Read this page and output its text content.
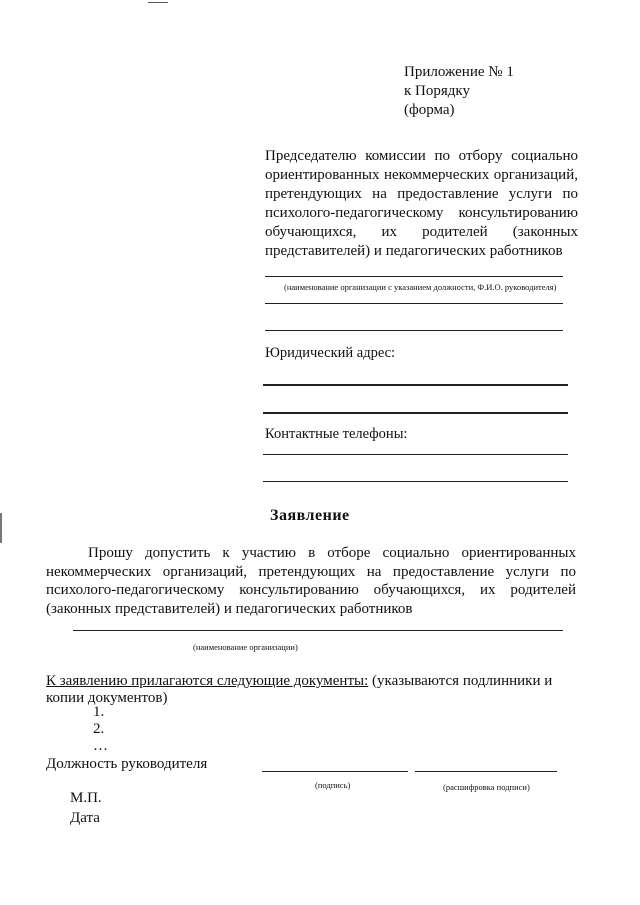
Приложение № 1
к Порядку
(форма)
Председателю комиссии по отбору социально ориентированных некоммерческих организаций, претендующих на предоставление услуги по психолого-педагогическому консультированию обучающихся, их родителей (законных представителей) и педагогических работников
(наименование организации с указанием должности, Ф.И.О. руководителя)
Юридический адрес:
Контактные телефоны:
Заявление
Прошу допустить к участию в отборе социально ориентированных некоммерческих организаций, претендующих на предоставление услуги по психолого-педагогическому консультированию обучающихся, их родителей (законных представителей) и педагогических работников
(наименование организации)
К заявлению прилагаются следующие документы: (указываются подлинники и копии документов)
1.
2.
…
Должность руководителя
(подпись)	(расшифровка подписи)
М.П.
Дата
